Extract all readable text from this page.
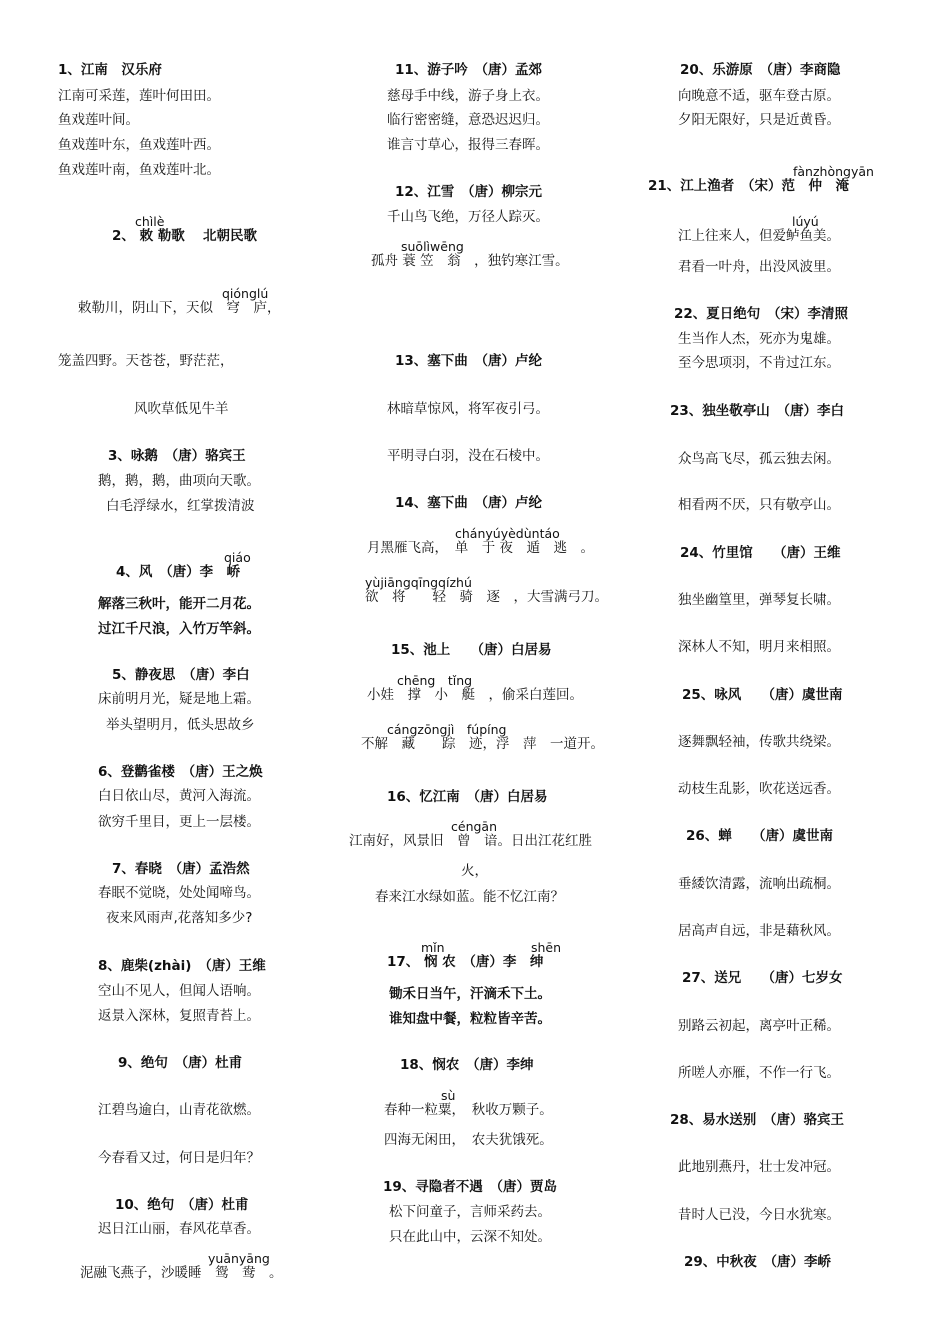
1、江南　汉乐府
江南可采莲，莲叶何田田。
鱼戏莲叶间。
鱼戏莲叶东，鱼戏莲叶西。
鱼戏莲叶南，鱼戏莲叶北。
chìlè
2、 敕 勒歌　 北朝民歌
qiónglú
敕勒川，阴山下，天似　穹　庐，
笼盖四野。天苍苍，野茫茫，
风吹草低见牛羊
3、咏鹅　（唐）骆宾王
鹅，鹅，鹅，曲项向天歌。
白毛浮绿水，红掌拨清波
qiáo
4、风　（唐）李　峤
解落三秋叶，能开二月花。
过江千尺浪，入竹万竿斜。
5、静夜思　（唐）李白
床前明月光，疑是地上霜。
举头望明月，低头思故乡
6、登鹳雀楼　（唐）王之焕
白日依山尽，黄河入海流。
欲穷千里目，更上一层楼。
7、春晓　（唐）孟浩然
春眠不觉晓，处处闻啼鸟。
夜来风雨声,花落知多少?
8、鹿柴(zhài)　（唐）王维
空山不见人，但闻人语响。
返景入深林，复照青苔上。
9、绝句　（唐）杜甫
江碧鸟逾白，山青花欲燃。
今春看又过，何日是归年？
10、绝句　（唐）杜甫
迟日江山丽，春风花草香。
yuānyāng
泥融飞燕子，沙暖睡　鸳　鸯　。
11、游子吟　（唐）孟郊
慈母手中线，游子身上衣。
临行密密缝，意恐迟迟归。
谁言寸草心，报得三春晖。
12、江雪　（唐）柳宗元
千山鸟飞绝，万径人踪灭。
suōlìwēng
孤舟 蓑 笠　翁　，独钓寒江雪。
13、塞下曲　（唐）卢纶
林暗草惊风，将军夜引弓。
平明寻白羽，没在石棱中。
14、塞下曲　（唐）卢纶
chányúyèdùntáo
月黑雁飞高，　单　于 夜　遁　逃　。
yùjiāngqīngqízhú
欲　将　　轻　骑　逐　，大雪满弓刀。
15、池上　　（唐）白居易
chēng　tǐng
小娃　撑　小　艇　，偷采白莲回。
cángzōngjì　fúpíng
不解　藏　　踪　迹，浮　萍　一道开。
16、忆江南　（唐）白居易
céngān
江南好，风景旧　曾　谙。日出江花红胜
火，
春来江水绿如蓝。能不忆江南？
mǐn	shēn
17、 悯 农　（唐）李　绅
锄禾日当午，汗滴禾下土。
谁知盘中餐，粒粒皆辛苦。
18、悯农　（唐）李绅
sù
春种一粒粟，　秋收万颗子。
四海无闲田，　农夫犹饿死。
19、寻隐者不遇　（唐）贾岛
松下问童子，言师采药去。
只在此山中，云深不知处。
20、乐游原　（唐）李商隐
向晚意不适，驱车登古原。
夕阳无限好，只是近黄昏。
fànzhòngyān
21、江上渔者　（宋）范　仲　淹
lúyú
江上往来人，但爱鲈鱼美。
君看一叶舟，出没风波里。
22、夏日绝句　（宋）李清照
生当作人杰，死亦为鬼雄。
至今思项羽，不肯过江东。
23、独坐敬亭山　（唐）李白
众鸟高飞尽，孤云独去闲。
相看两不厌，只有敬亭山。
24、竹里馆　　（唐）王维
独坐幽篁里，弹琴复长啸。
深林人不知，明月来相照。
25、咏风　　（唐）虞世南
逐舞飘轻袖，传歌共绕梁。
动枝生乱影，吹花送远香。
26、蝉　　（唐）虞世南
垂緌饮清露，流响出疏桐。
居高声自远，非是藉秋风。
27、送兄　　（唐）七岁女
别路云初起，离亭叶正稀。
所嗟人亦雁，不作一行飞。
28、易水送别　（唐）骆宾王
此地别燕丹，壮士发冲冠。
昔时人已没，今日水犹寒。
29、中秋夜　（唐）李峤
